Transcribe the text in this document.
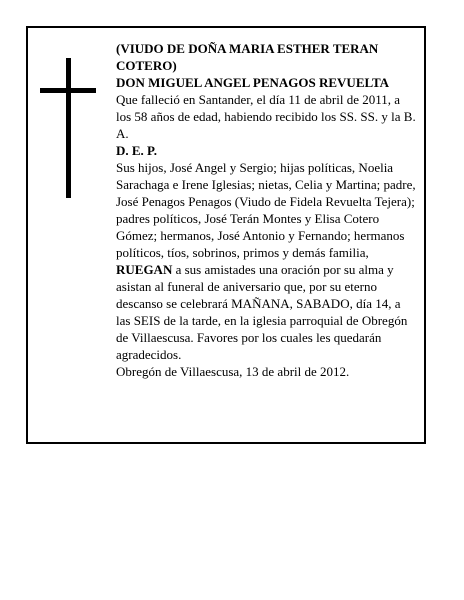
(VIUDO DE DOÑA MARIA ESTHER TERAN COTERO)

DON MIGUEL ANGEL PENAGOS REVUELTA

Que falleció en Santander, el día 11 de abril de 2011, a los 58 años de edad, habiendo recibido los SS. SS. y la B. A.

D. E. P.

Sus hijos, José Angel y Sergio; hijas políticas, Noelia Sarachaga e Irene Iglesias; nietas, Celia y Martina; padre, José Penagos Penagos (Viudo de Fidela Revuelta Tejera); padres políticos, José Terán Montes y Elisa Cotero Gómez; hermanos, José Antonio y Fernando; hermanos políticos, tíos, sobrinos, primos y demás familia,

RUEGAN a sus amistades una oración por su alma y asistan al funeral de aniversario que, por su eterno descanso se celebrará MAÑANA, SABADO, día 14, a las SEIS de la tarde, en la iglesia parroquial de Obregón de Villaescusa. Favores por los cuales les quedarán agradecidos.

Obregón de Villaescusa, 13 de abril de 2012.
